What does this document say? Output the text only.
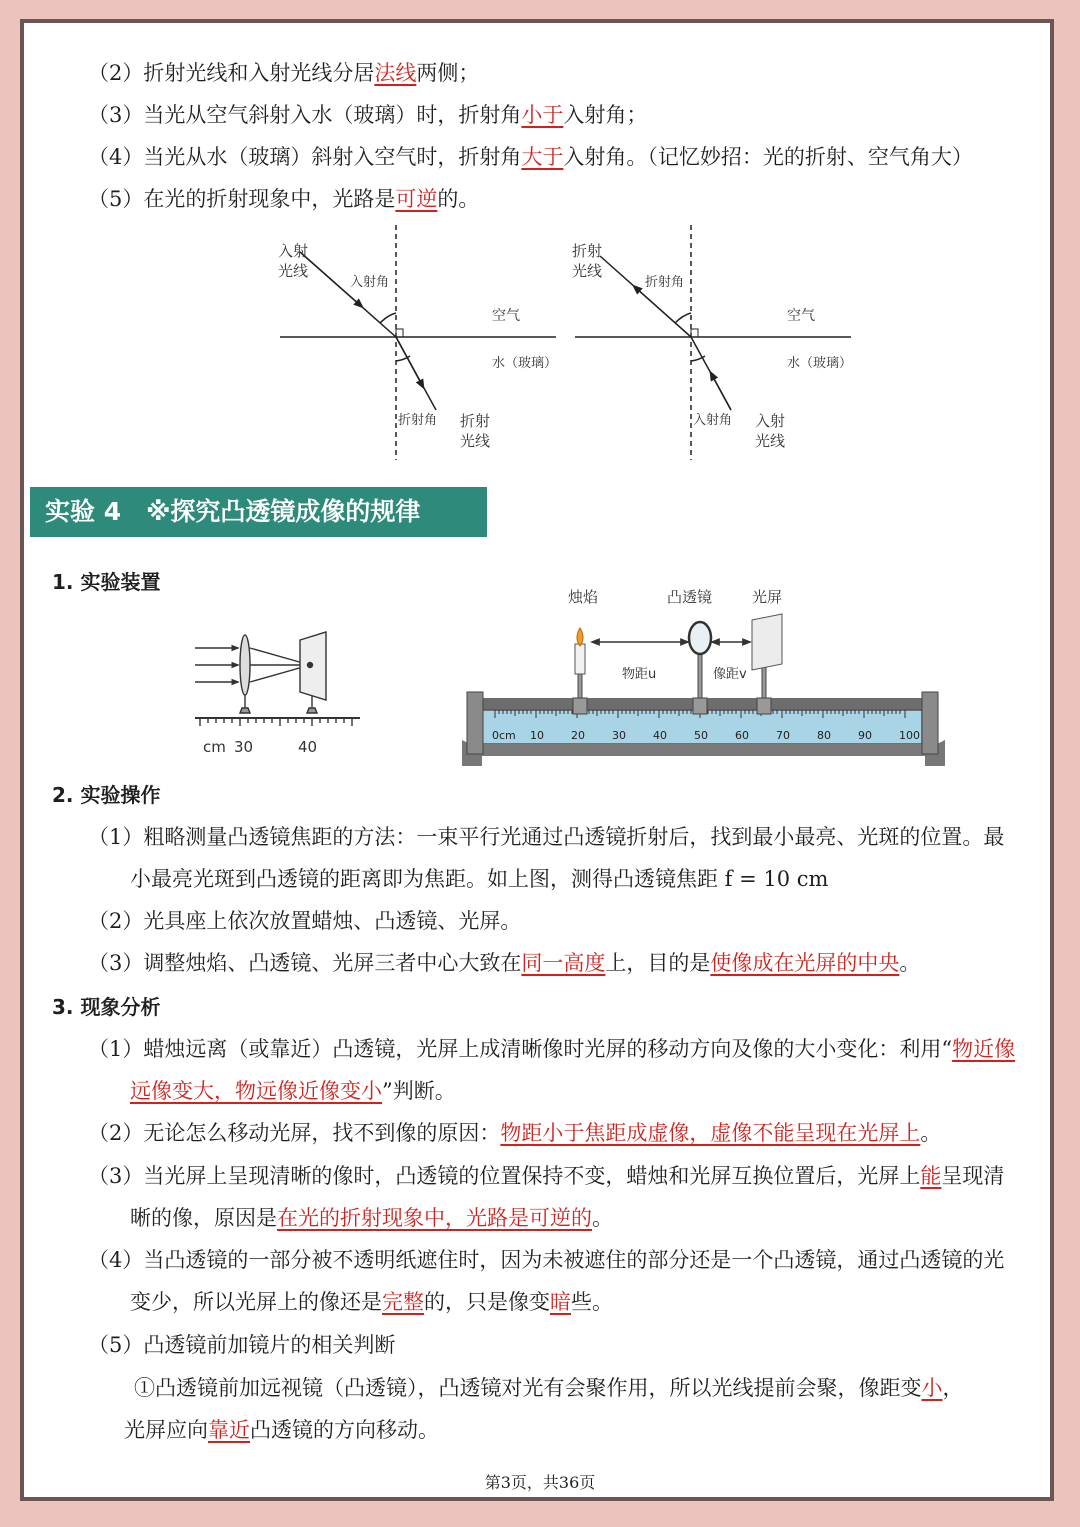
（2）折射光线和入射光线分居法线两侧；
（3）当光从空气斜射入水（玻璃）时，折射角小于入射角；
（4）当光从水（玻璃）斜射入空气时，折射角大于入射角。（记忆妙招：光的折射、空气角大）
（5）在光的折射现象中，光路是可逆的。
入射
光线
入射角
空气
水（玻璃）
折射角 折射
光线
折射
光线
折射角
空气
水（玻璃）
入射角 入射
光线
实验 4　※探究凸透镜成像的规律
1. 实验装置
cm 30	40
烛焰	凸透镜	光屏
物距u	像距v
0cm 10 20 30 40 50 60 70 80 90 100
2. 实验操作
（1）粗略测量凸透镜焦距的方法：一束平行光通过凸透镜折射后，找到最小最亮、光斑的位置。最
小最亮光斑到凸透镜的距离即为焦距。如上图，测得凸透镜焦距 f = 10 cm
（2）光具座上依次放置蜡烛、凸透镜、光屏。
（3）调整烛焰、凸透镜、光屏三者中心大致在同一高度上，目的是使像成在光屏的中央。
3. 现象分析
（1）蜡烛远离（或靠近）凸透镜，光屏上成清晰像时光屏的移动方向及像的大小变化：利用“物近像
远像变大，物远像近像变小”判断。
（2）无论怎么移动光屏，找不到像的原因：物距小于焦距成虚像，虚像不能呈现在光屏上。
（3）当光屏上呈现清晰的像时，凸透镜的位置保持不变，蜡烛和光屏互换位置后，光屏上能呈现清
晰的像，原因是在光的折射现象中，光路是可逆的。
（4）当凸透镜的一部分被不透明纸遮住时，因为未被遮住的部分还是一个凸透镜，通过凸透镜的光
变少，所以光屏上的像还是完整的，只是像变暗些。
（5）凸透镜前加镜片的相关判断
①凸透镜前加远视镜（凸透镜），凸透镜对光有会聚作用，所以光线提前会聚，像距变小，
光屏应向靠近凸透镜的方向移动。
第3页，共36页
